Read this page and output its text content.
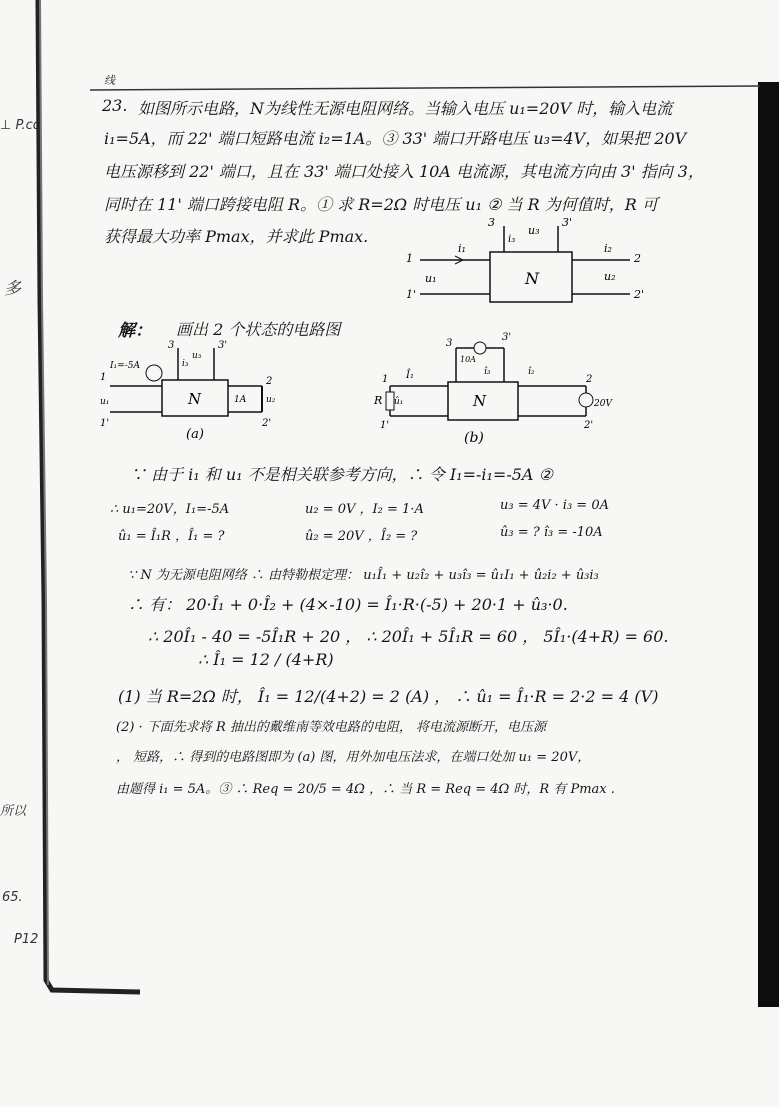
⊥ P.co
多
所以
65.
P12
线
23. 如图所示电路，N为线性无源电阻网络。当输入电压 u₁=20V 时，输入电流
i₁=5A，而 22' 端口短路电流 i₂=1A。③ 33' 端口开路电压 u₃=4V，如果把 20V
电压源移到 22' 端口，且在 33' 端口处接入 10A 电流源，其电流方向由 3' 指向 3，
同时在 11' 端口跨接电阻 R。① 求 R=2Ω 时电压 u₁ ② 当 R 为何值时，R 可
获得最大功率 Pmax，并求此 Pmax.
N
1
1'
2
2'
3	3'
i₁
u₁
u₃
i₃
i₂
u₂
解： 画出 2 个状态的电路图
N
(a)
1
1'
2
2'
3	3'
I₁=-5A
u₁
u₃
i₃
1A u₂	N
(b)
20V
10A
R
1
1'
2
2'
3
3'
Î₁
û₁
î₂
î₃
∵ 由于 i₁ 和 u₁ 不是相关联参考方向，∴ 令 I₁=-i₁=-5A ②
∴ u₁=20V，I₁=-5A	u₂ = 0V ，I₂ = 1·A	u₃ = 4V · i₃ = 0A
û₁ = Î₁R ，Î₁ = ?	û₂ = 20V ，Î₂ = ?	û₃ = ? î₃ = -10A
∵ N 为无源电阻网络 ∴ 由特勒根定理： u₁Î₁ + u₂î₂ + u₃î₃ = û₁I₁ + û₂i₂ + û₃i₃
∴ 有： 20·Î₁ + 0·Î₂ + (4×-10) = Î₁·R·(-5) + 20·1 + û₃·0.
∴ 20Î₁ - 40 = -5Î₁R + 20 ， ∴ 20Î₁ + 5Î₁R = 60 ， 5Î₁·(4+R) = 60.
∴ Î₁ = 12 / (4+R)
(1) 当 R=2Ω 时， Î₁ = 12/(4+2) = 2 (A) ， ∴ û₁ = Î₁·R = 2·2 = 4 (V)
(2) · 下面先求将 R 抽出的戴维南等效电路的电阻， 将电流源断开，电压源
， 短路，∴ 得到的电路图即为 (a) 图，用外加电压法求，在端口处加 u₁ = 20V，
由题得 i₁ = 5A。③ ∴ Req = 20/5 = 4Ω ，∴ 当 R = Req = 4Ω 时，R 有 Pmax .
